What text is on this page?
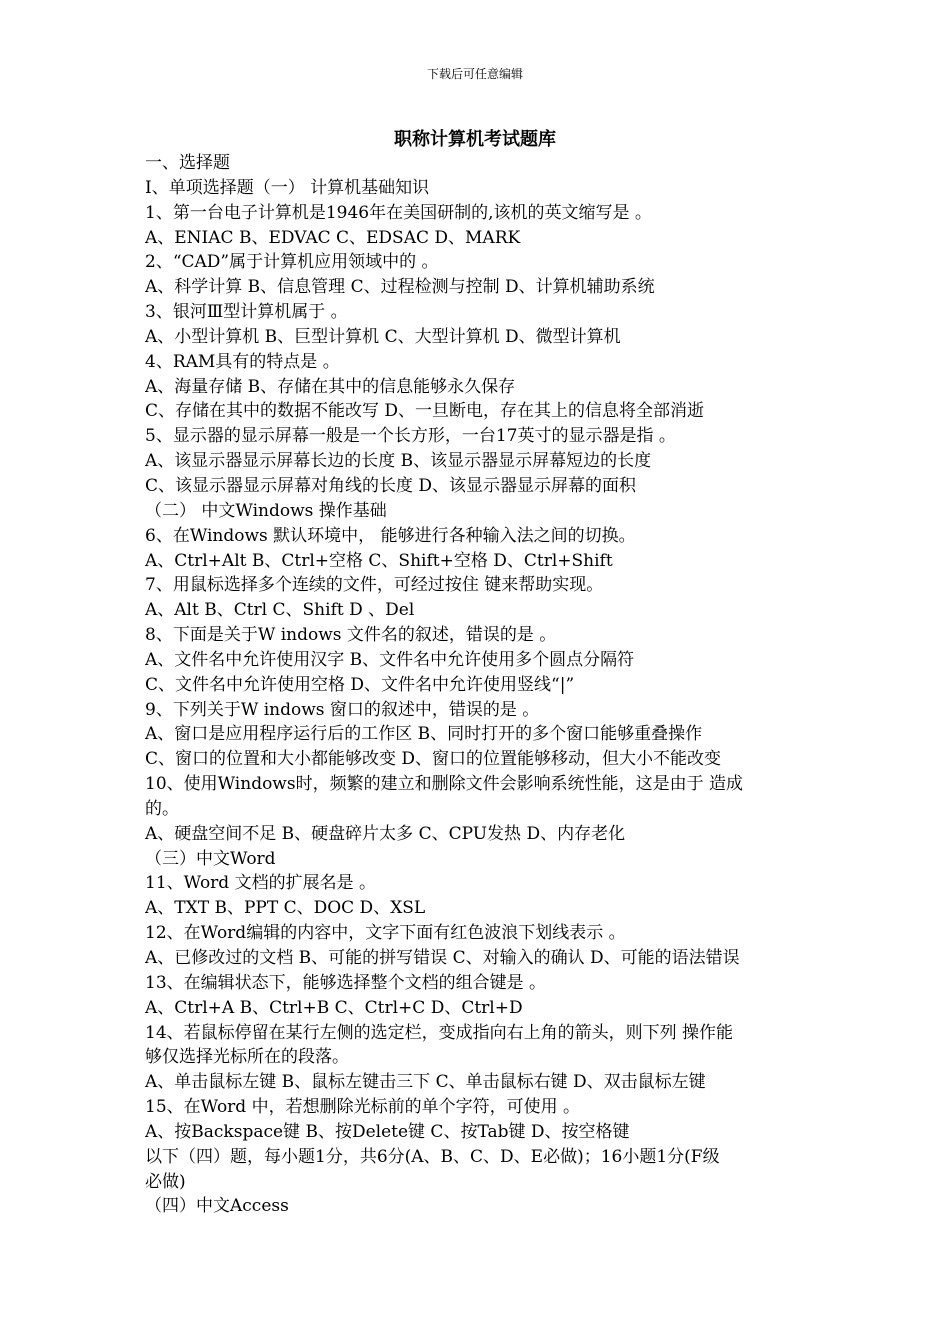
下载后可任意编辑
职称计算机考试题库
一、选择题
Ⅰ、单项选择题（一） 计算机基础知识
1、第一台电子计算机是1946年在美国研制的,该机的英文缩写是 。
A、ENIAC B、EDVAC C、EDSAC D、MARK
2、“CAD”属于计算机应用领域中的 。
A、科学计算 B、信息管理 C、过程检测与控制 D、计算机辅助系统
3、银河Ⅲ型计算机属于 。
A、小型计算机 B、巨型计算机 C、大型计算机 D、微型计算机
4、RAM具有的特点是 。
A、海量存储 B、存储在其中的信息能够永久保存
C、存储在其中的数据不能改写 D、一旦断电，存在其上的信息将全部消逝
5、显示器的显示屏幕一般是一个长方形，一台17英寸的显示器是指 。
A、该显示器显示屏幕长边的长度 B、该显示器显示屏幕短边的长度
C、该显示器显示屏幕对角线的长度 D、该显示器显示屏幕的面积
（二） 中文Windows 操作基础
6、在Windows 默认环境中， 能够进行各种输入法之间的切换。
A、Ctrl+Alt B、Ctrl+空格 C、Shift+空格 D、Ctrl+Shift
7、用鼠标选择多个连续的文件，可经过按住 键来帮助实现。
A、Alt B、Ctrl C、Shift D 、Del
8、下面是关于W indows 文件名的叙述，错误的是 。
A、文件名中允许使用汉字 B、文件名中允许使用多个圆点分隔符
C、文件名中允许使用空格 D、文件名中允许使用竖线“|”
9、下列关于W indows 窗口的叙述中，错误的是 。
A、窗口是应用程序运行后的工作区 B、同时打开的多个窗口能够重叠操作
C、窗口的位置和大小都能够改变 D、窗口的位置能够移动，但大小不能改变
10、使用Windows时，频繁的建立和删除文件会影响系统性能，这是由于 造成
的。
A、硬盘空间不足 B、硬盘碎片太多 C、CPU发热 D、内存老化
（三）中文Word
11、Word 文档的扩展名是 。
A、TXT B、PPT C、DOC D、XSL
12、在Word编辑的内容中，文字下面有红色波浪下划线表示 。
A、已修改过的文档 B、可能的拼写错误 C、对输入的确认 D、可能的语法错误
13、在编辑状态下，能够选择整个文档的组合键是 。
A、Ctrl+A B、Ctrl+B C、Ctrl+C D、Ctrl+D
14、若鼠标停留在某行左侧的选定栏，变成指向右上角的箭头，则下列 操作能
够仅选择光标所在的段落。
A、单击鼠标左键 B、鼠标左键击三下 C、单击鼠标右键 D、双击鼠标左键
15、在Word 中，若想删除光标前的单个字符，可使用 。
A、按Backspace键 B、按Delete键 C、按Tab键 D、按空格键
以下（四）题，每小题1分，共6分(A、B、C、D、E必做)；16小题1分(F级
必做)
（四）中文Access
